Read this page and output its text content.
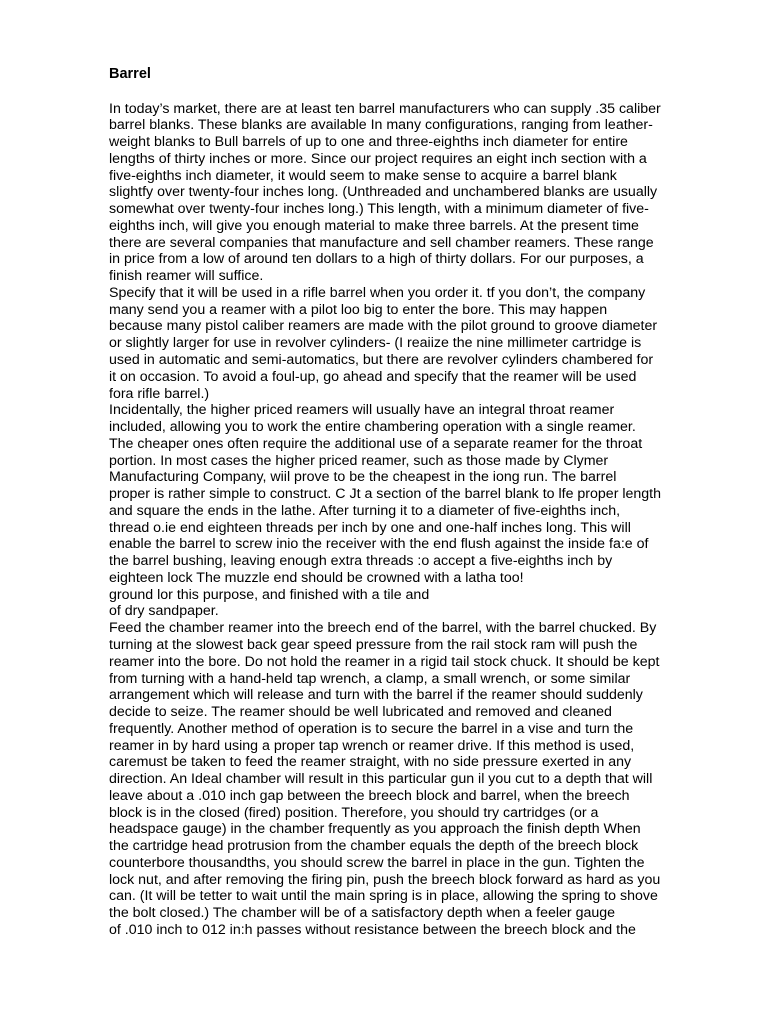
Barrel
In today’s market, there are at least ten barrel manufacturers who can supply .35 caliber
barrel blanks. These blanks are available In many configurations, ranging from leather-
weight blanks to Bull barrels of up to one and three-eighths inch diameter for entire
lengths of thirty inches or more. Since our project requires an eight inch section with a
five-eighths inch diameter, it would seem to make sense to acquire a barrel blank
slightfy over twenty-four inches long. (Unthreaded and unchambered blanks are usually
somewhat over twenty-four inches long.) This length, with a minimum diameter of five-
eighths inch, will give you enough material to make three barrels. At the present time
there are several companies that manufacture and sell chamber reamers. These range
in price from a low of around ten dollars to a high of thirty dollars. For our purposes, a
finish reamer will suffice.
Specify that it will be used in a rifle barrel when you order it. tf you don’t, the company
many send you a reamer with a pilot loo big to enter the bore. This may happen
because many pistol caliber reamers are made with the pilot ground to groove diameter
or slightly larger for use in revolver cylinders- (I reaiize the nine millimeter cartridge is
used in automatic and semi-automatics, but there are revolver cylinders chambered for
it on occasion. To avoid a foul-up, go ahead and specify that the reamer will be used
fora rifle barrel.)
Incidentally, the higher priced reamers will usually have an integral throat reamer
included, allowing you to work the entire chambering operation with a single reamer.
The cheaper ones often require the additional use of a separate reamer for the throat
portion. In most cases the higher priced reamer, such as those made by Clymer
Manufacturing Company, wiil prove to be the cheapest in the iong run. The barrel
proper is rather simple to construct. C Jt a section of the barrel blank to lfe proper length
and square the ends in the lathe. After turning it to a diameter of five-eighths inch,
thread o.ie end eighteen threads per inch by one and one-half inches long. This will
enable the barrel to screw inio the receiver with the end flush against the inside fa:e of
the barrel bushing, leaving enough extra threads :o accept a five-eighths inch by
eighteen lock The muzzle end should be crowned with a latha too!
ground lor this purpose, and finished with a tile and
of dry sandpaper.
Feed the chamber reamer into the breech end of the barrel, with the barrel chucked. By
turning at the slowest back gear speed pressure from the rail stock ram will push the
reamer into the bore. Do not hold the reamer in a rigid tail stock chuck. It should be kept
from turning with a hand-held tap wrench, a clamp, a small wrench, or some similar
arrangement which will release and turn with the barrel if the reamer should suddenly
decide to seize. The reamer should be well lubricated and removed and cleaned
frequently. Another method of operation is to secure the barrel in a vise and turn the
reamer in by hard using a proper tap wrench or reamer drive. If this method is used,
caremust be taken to feed the reamer straight, with no side pressure exerted in any
direction. An Ideal chamber will result in this particular gun il you cut to a depth that will
leave about a .010 inch gap between the breech block and barrel, when the breech
block is in the closed (fired) position. Therefore, you should try cartridges (or a
headspace gauge) in the chamber frequently as you approach the finish depth When
the cartridge head protrusion from the chamber equals the depth of the breech block
counterbore thousandths, you should screw the barrel in place in the gun. Tighten the
lock nut, and after removing the firing pin, push the breech block forward as hard as you
can. (It will be tetter to wait until the main spring is in place, allowing the spring to shove
the bolt closed.) The chamber will be of a satisfactory depth when a feeler gauge
of .010 inch to 012 in:h passes without resistance between the breech block and the
